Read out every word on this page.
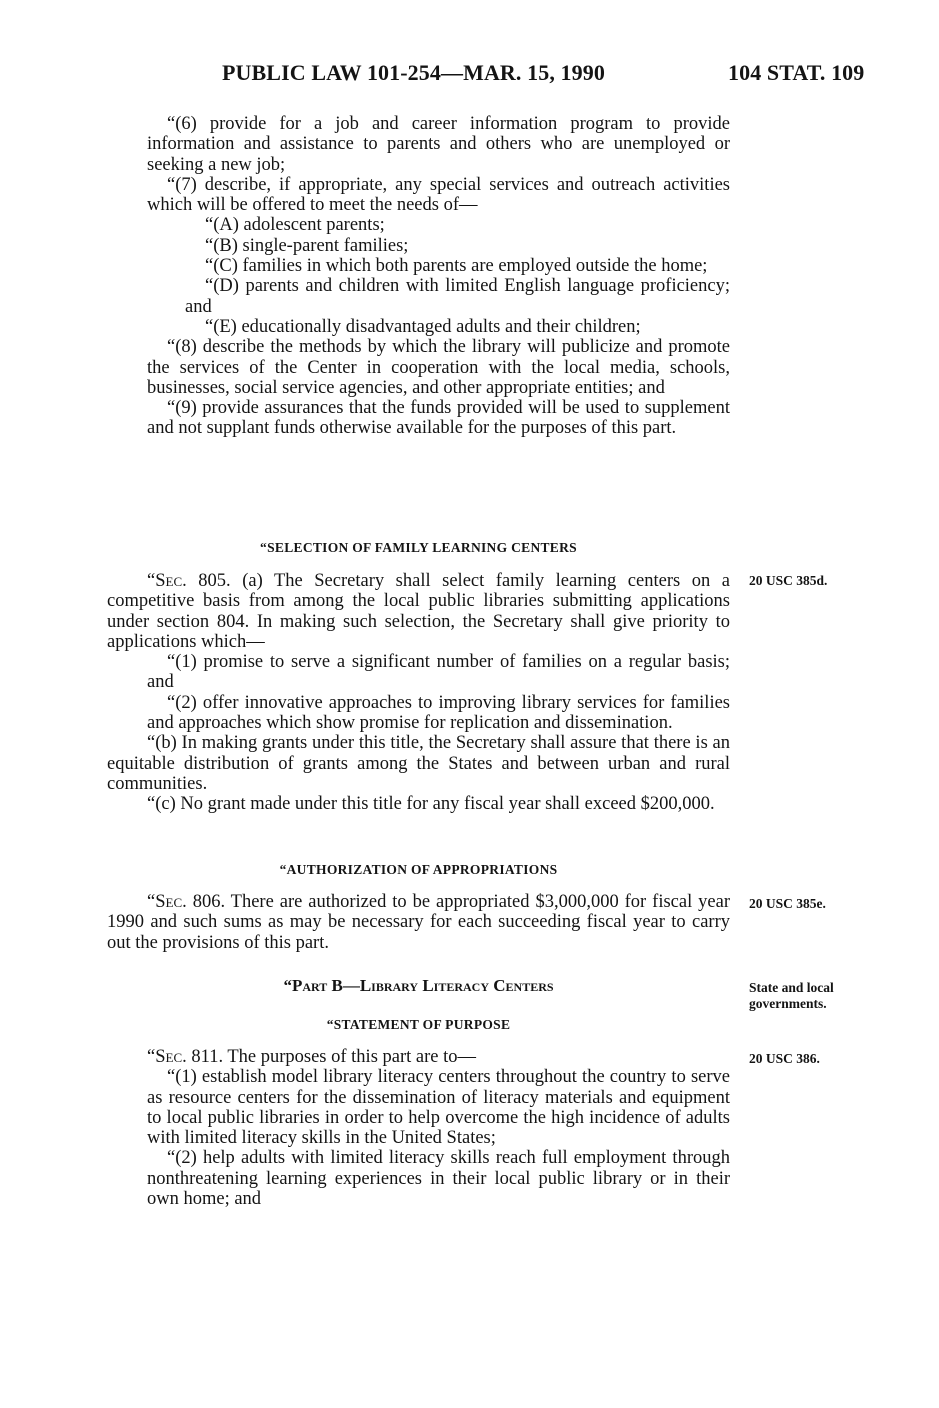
PUBLIC LAW 101-254—MAR. 15, 1990	104 STAT. 109

“(6) provide for a job and career information program to provide information and assistance to parents and others who are unemployed or seeking a new job;

“(7) describe, if appropriate, any special services and outreach activities which will be offered to meet the needs of—

“(A) adolescent parents;

“(B) single-parent families;

“(C) families in which both parents are employed outside the home;

“(D) parents and children with limited English language proficiency; and

“(E) educationally disadvantaged adults and their children;

“(8) describe the methods by which the library will publicize and promote the services of the Center in cooperation with the local media, schools, businesses, social service agencies, and other appropriate entities; and

“(9) provide assurances that the funds provided will be used to supplement and not supplant funds otherwise available for the purposes of this part.

“SELECTION OF FAMILY LEARNING CENTERS

“Sec. 805. (a) The Secretary shall select family learning centers on a competitive basis from among the local public libraries submitting applications under section 804. In making such selection, the Secretary shall give priority to applications which—

“(1) promise to serve a significant number of families on a regular basis; and

“(2) offer innovative approaches to improving library services for families and approaches which show promise for replication and dissemination.

“(b) In making grants under this title, the Secretary shall assure that there is an equitable distribution of grants among the States and between urban and rural communities.

“(c) No grant made under this title for any fiscal year shall exceed $200,000.

20 USC 385d.
“AUTHORIZATION OF APPROPRIATIONS

“Sec. 806. There are authorized to be appropriated $3,000,000 for fiscal year 1990 and such sums as may be necessary for each succeeding fiscal year to carry out the provisions of this part.

20 USC 385e.
“Part B—Library Literacy Centers	State and local
governments.
“STATEMENT OF PURPOSE

“Sec. 811. The purposes of this part are to—

“(1) establish model library literacy centers throughout the country to serve as resource centers for the dissemination of literacy materials and equipment to local public libraries in order to help overcome the high incidence of adults with limited literacy skills in the United States;

“(2) help adults with limited literacy skills reach full employment through nonthreatening learning experiences in their local public library or in their own home; and

20 USC 386.
